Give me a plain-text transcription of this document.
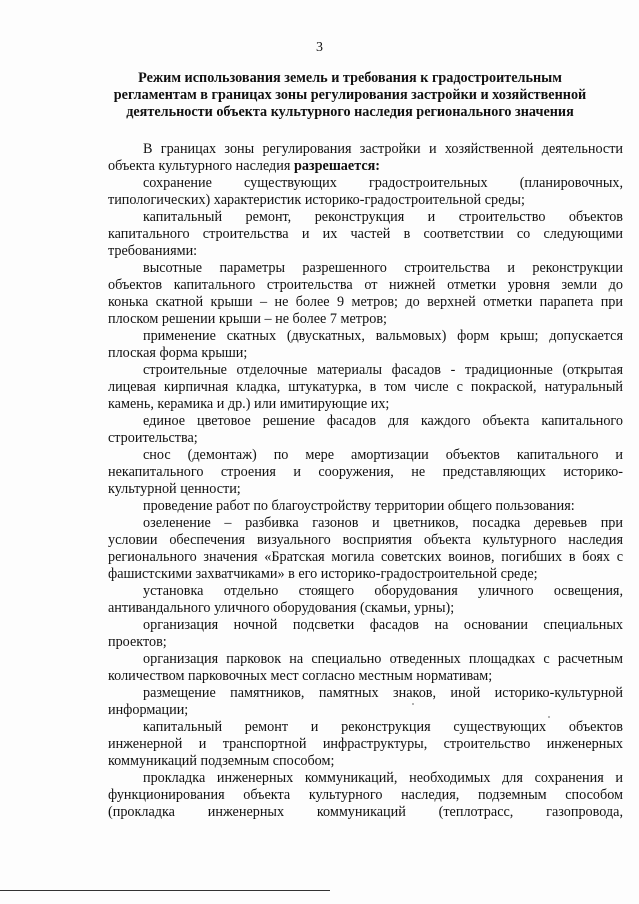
3
Режим использования земель и требования к градостроительным
регламентам в границах зоны регулирования застройки и хозяйственной
деятельности объекта культурного наследия регионального значения

В границах зоны регулирования застройки и хозяйственной деятельности
объекта культурного наследия разрешается:

сохранение существующих градостроительных (планировочных,
типологических) характеристик историко-градостроительной среды;

капитальный ремонт, реконструкция и строительство объектов
капитального строительства и их частей в соответствии со следующими
требованиями:

высотные параметры разрешенного строительства и реконструкции
объектов капитального строительства от нижней отметки уровня земли до
конька скатной крыши – не более 9 метров; до верхней отметки парапета при
плоском решении крыши – не более 7 метров;

применение скатных (двускатных, вальмовых) форм крыш; допускается
плоская форма крыши;

строительные отделочные материалы фасадов - традиционные (открытая
лицевая кирпичная кладка, штукатурка, в том числе с покраской, натуральный
камень, керамика и др.) или имитирующие их;

единое цветовое решение фасадов для каждого объекта капитального
строительства;

снос (демонтаж) по мере амортизации объектов капитального и
некапитального строения и сооружения, не представляющих историко-
культурной ценности;

проведение работ по благоустройству территории общего пользования:

озеленение – разбивка газонов и цветников, посадка деревьев при
условии обеспечения визуального восприятия объекта культурного наследия
регионального значения «Братская могила советских воинов, погибших в боях с
фашистскими захватчиками» в его историко-градостроительной среде;

установка отдельно стоящего оборудования уличного освещения,
антивандального уличного оборудования (скамьи, урны);

организация ночной подсветки фасадов на основании специальных
проектов;

организация парковок на специально отведенных площадках с расчетным
количеством парковочных мест согласно местным нормативам;

размещение памятников, памятных знаков, иной историко-культурной
информации;

капитальный ремонт и реконструкция существующих объектов
инженерной и транспортной инфраструктуры, строительство инженерных
коммуникаций подземным способом;

прокладка инженерных коммуникаций, необходимых для сохранения и
функционирования объекта культурного наследия, подземным способом
(прокладка инженерных коммуникаций (теплотрасс, газопровода,
